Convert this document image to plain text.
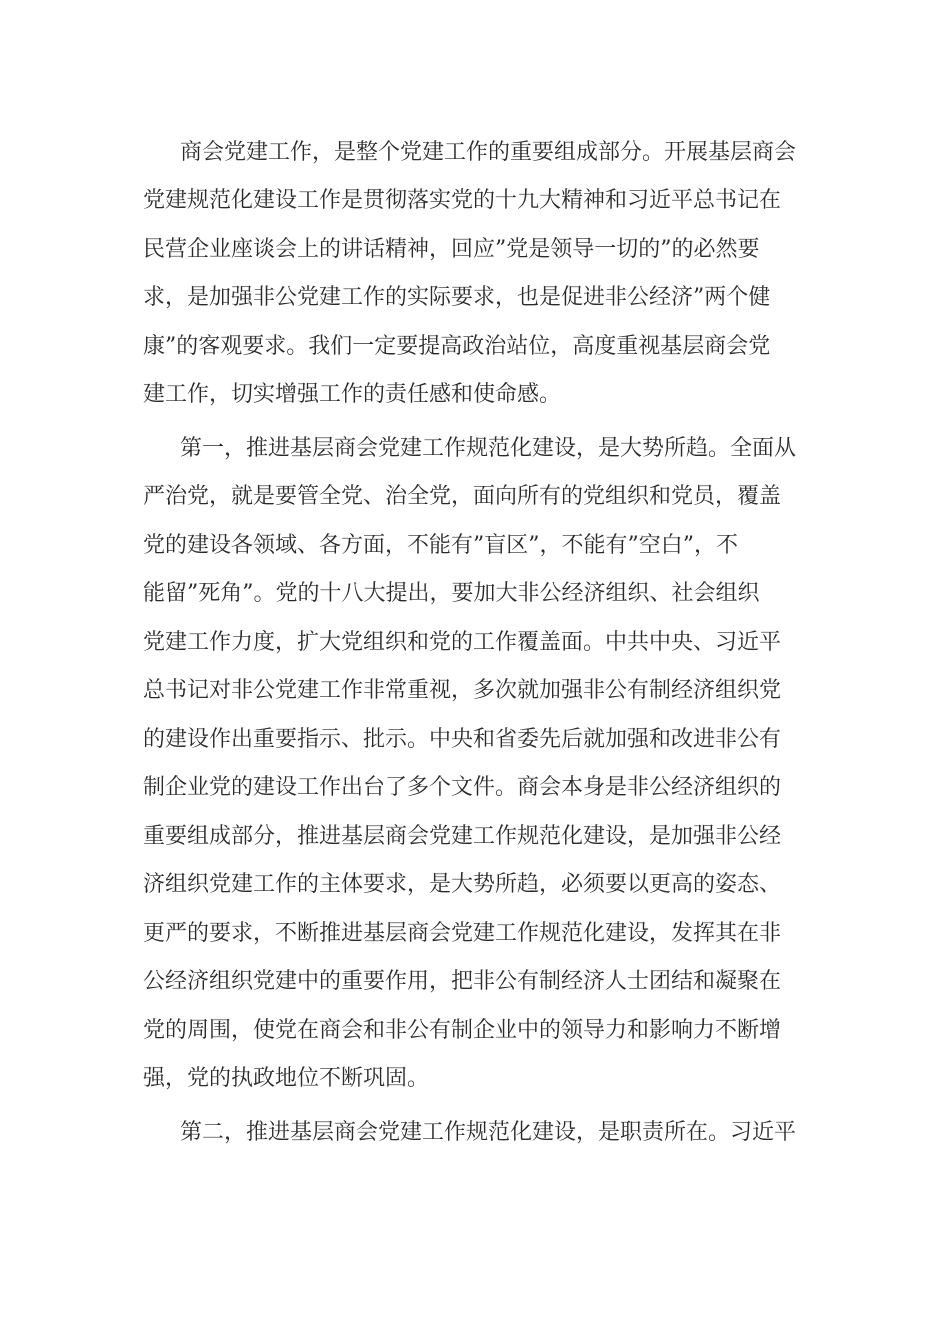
商会党建工作，是整个党建工作的重要组成部分。开展基层商会
党建规范化建设工作是贯彻落实党的十九大精神和习近平总书记在
民营企业座谈会上的讲话精神，回应”党是领导一切的”的必然要
求，是加强非公党建工作的实际要求，也是促进非公经济”两个健
康”的客观要求。我们一定要提高政治站位，高度重视基层商会党
建工作，切实增强工作的责任感和使命感。
第一，推进基层商会党建工作规范化建设，是大势所趋。全面从
严治党，就是要管全党、治全党，面向所有的党组织和党员，覆盖
党的建设各领域、各方面，不能有”盲区”，不能有”空白”，不
能留”死角”。党的十八大提出，要加大非公经济组织、社会组织
党建工作力度，扩大党组织和党的工作覆盖面。中共中央、习近平
总书记对非公党建工作非常重视，多次就加强非公有制经济组织党
的建设作出重要指示、批示。中央和省委先后就加强和改进非公有
制企业党的建设工作出台了多个文件。商会本身是非公经济组织的
重要组成部分，推进基层商会党建工作规范化建设，是加强非公经
济组织党建工作的主体要求，是大势所趋，必须要以更高的姿态、
更严的要求，不断推进基层商会党建工作规范化建设，发挥其在非
公经济组织党建中的重要作用，把非公有制经济人士团结和凝聚在
党的周围，使党在商会和非公有制企业中的领导力和影响力不断增
强，党的执政地位不断巩固。
第二，推进基层商会党建工作规范化建设，是职责所在。习近平
